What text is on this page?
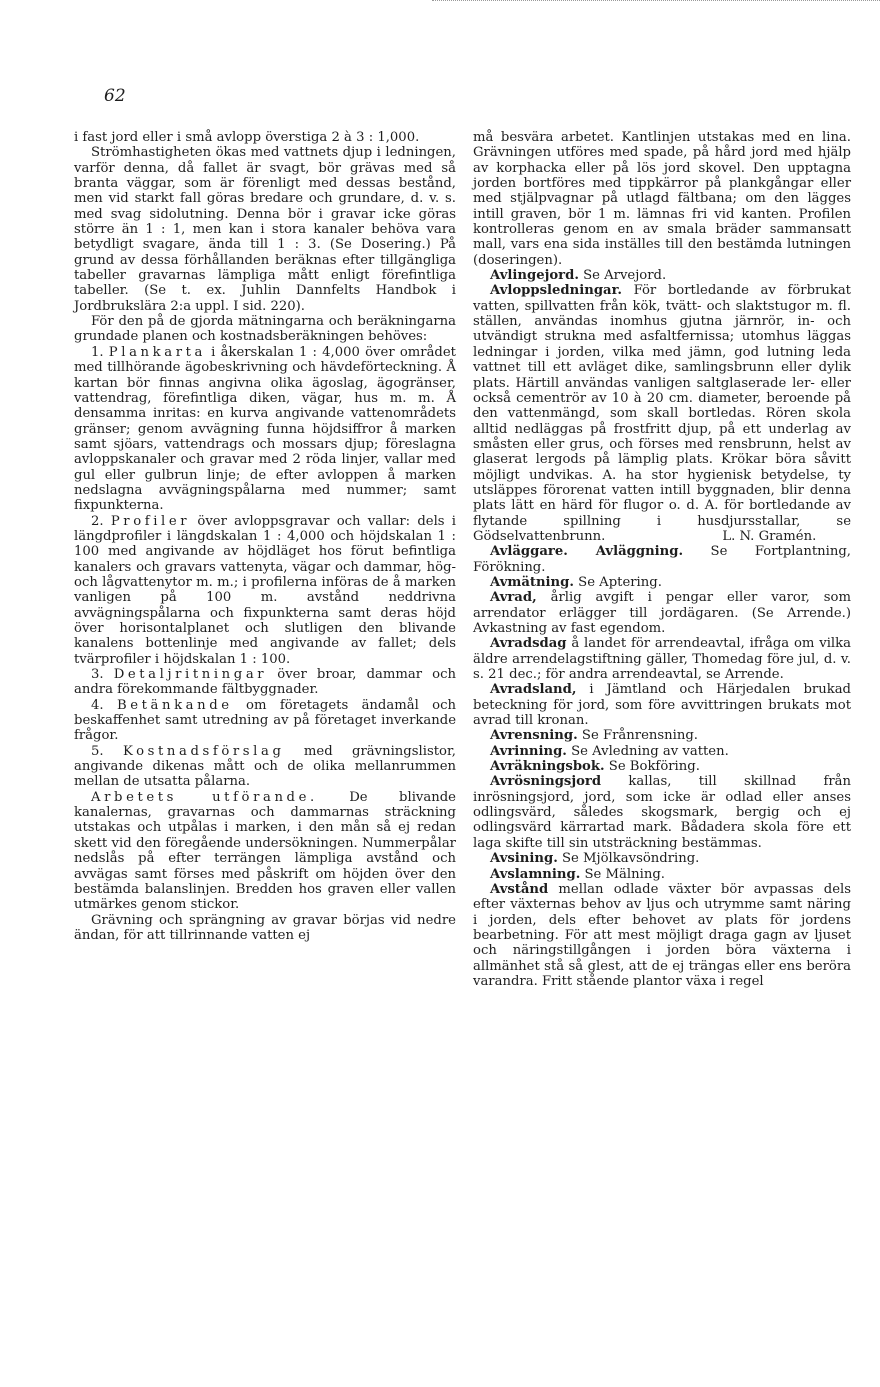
62

i fast jord eller i små avlopp överstiga 2 à 3 : 1,000.

Strömhastigheten ökas med vattnets djup i ledningen, varför denna, då fallet är svagt, bör grävas med så branta väggar, som är förenligt med dessas bestånd, men vid starkt fall göras bredare och grundare, d. v. s. med svag sidolutning. Denna bör i gravar icke göras större än 1 : 1, men kan i stora kanaler behöva vara betydligt svagare, ända till 1 : 3. (Se Dosering.) På grund av dessa förhållanden beräknas efter tillgängliga tabeller gravarnas lämpliga mått enligt förefintliga tabeller. (Se t. ex. Juhlin Dannfelts Handbok i Jordbrukslära 2:a uppl. I sid. 220).

För den på de gjorda mätningarna och beräkningarna grundade planen och kostnadsberäkningen behöves:

1. Plankarta i åkerskalan 1 : 4,000 över området med tillhörande ägobeskrivning och hävdeförteckning. Å kartan bör finnas angivna olika ägoslag, ägogränser, vattendrag, förefintliga diken, vägar, hus m. m. Å densamma inritas: en kurva angivande vattenområdets gränser; genom avvägning funna höjdsiffror å marken samt sjöars, vattendrags och mossars djup; föreslagna avloppskanaler och gravar med 2 röda linjer, vallar med gul eller gulbrun linje; de efter avloppen å marken nedslagna avvägningspålarna med nummer; samt fixpunkterna.

2. Profiler över avloppsgravar och vallar: dels i längdprofiler i längdskalan 1 : 4,000 och höjdskalan 1 : 100 med angivande av höjdläget hos förut befintliga kanalers och gravars vattenyta, vägar och dammar, hög- och lågvattenytor m. m.; i profilerna införas de å marken vanligen på 100 m. avstånd neddrivna avvägningspålarna och fixpunkterna samt deras höjd över horisontalplanet och slutligen den blivande kanalens bottenlinje med angivande av fallet; dels tvärprofiler i höjdskalan 1 : 100.

3. Detaljritningar över broar, dammar och andra förekommande fältbyggnader.

4. Betänkande om företagets ändamål och beskaffenhet samt utredning av på företaget inverkande frågor.

5. Kostnadsförslag med grävningslistor, angivande dikenas mått och de olika mellanrummen mellan de utsatta pålarna.

Arbetets utförande. De blivande kanalernas, gravarnas och dammarnas sträckning utstakas och utpålas i marken, i den mån så ej redan skett vid den föregående undersökningen. Nummerpålar nedslås på efter terrängen lämpliga avstånd och avvägas samt förses med påskrift om höjden över den bestämda balanslinjen. Bredden hos graven eller vallen utmärkes genom stickor.

Grävning och sprängning av gravar börjas vid nedre ändan, för att tillrinnande vatten ej

må besvära arbetet. Kantlinjen utstakas med en lina. Grävningen utföres med spade, på hård jord med hjälp av korphacka eller på lös jord skovel. Den upptagna jorden bortföres med tippkärror på plankgångar eller med stjälpvagnar på utlagd fältbana; om den lägges intill graven, bör 1 m. lämnas fri vid kanten. Profilen kontrolleras genom en av smala bräder sammansatt mall, vars ena sida inställes till den bestämda lutningen (doseringen).

Avlingejord. Se Arvejord.

Avloppsledningar. För bortledande av förbrukat vatten, spillvatten från kök, tvätt- och slaktstugor m. fl. ställen, användas inomhus gjutna järnrör, in- och utvändigt strukna med asfaltfernissa; utomhus läggas ledningar i jorden, vilka med jämn, god lutning leda vattnet till ett avläget dike, samlingsbrunn eller dylik plats. Härtill användas vanligen saltglaserade ler- eller också cementrör av 10 à 20 cm. diameter, beroende på den vattenmängd, som skall bortledas. Rören skola alltid nedläggas på frostfritt djup, på ett underlag av småsten eller grus, och förses med rensbrunn, helst av glaserat lergods på lämplig plats. Krökar böra såvitt möjligt undvikas. A. ha stor hygienisk betydelse, ty utsläppes förorenat vatten intill byggnaden, blir denna plats lätt en härd för flugor o. d. A. för bortledande av flytande spillning i husdjursstallar, se Gödselvattenbrunn.	L. N. Gramén.

Avläggare. Avläggning. Se Fortplantning, Förökning.

Avmätning. Se Aptering.

Avrad, årlig avgift i pengar eller varor, som arrendator erlägger till jordägaren. (Se Arrende.) Avkastning av fast egendom.

Avradsdag å landet för arrendeavtal, ifråga om vilka äldre arrendelagstiftning gäller, Thomedag före jul, d. v. s. 21 dec.; för andra arrendeavtal, se Arrende.

Avradsland, i Jämtland och Härjedalen brukad beteckning för jord, som före avvittringen brukats mot avrad till kronan.

Avrensning. Se Frånrensning.

Avrinning. Se Avledning av vatten.

Avräkningsbok. Se Bokföring.

Avrösningsjord kallas, till skillnad från inrösningsjord, jord, som icke är odlad eller anses odlingsvärd, således skogsmark, bergig och ej odlingsvärd kärrartad mark. Bådadera skola före ett laga skifte till sin utsträckning bestämmas.

Avsining. Se Mjölkavsöndring.

Avslamning. Se Mälning.

Avstånd mellan odlade växter bör avpassas dels efter växternas behov av ljus och utrymme samt näring i jorden, dels efter behovet av plats för jordens bearbetning. För att mest möjligt draga gagn av ljuset och näringstillgången i jorden böra växterna i allmänhet stå så glest, att de ej trängas eller ens beröra varandra. Fritt stående plantor växa i regel
